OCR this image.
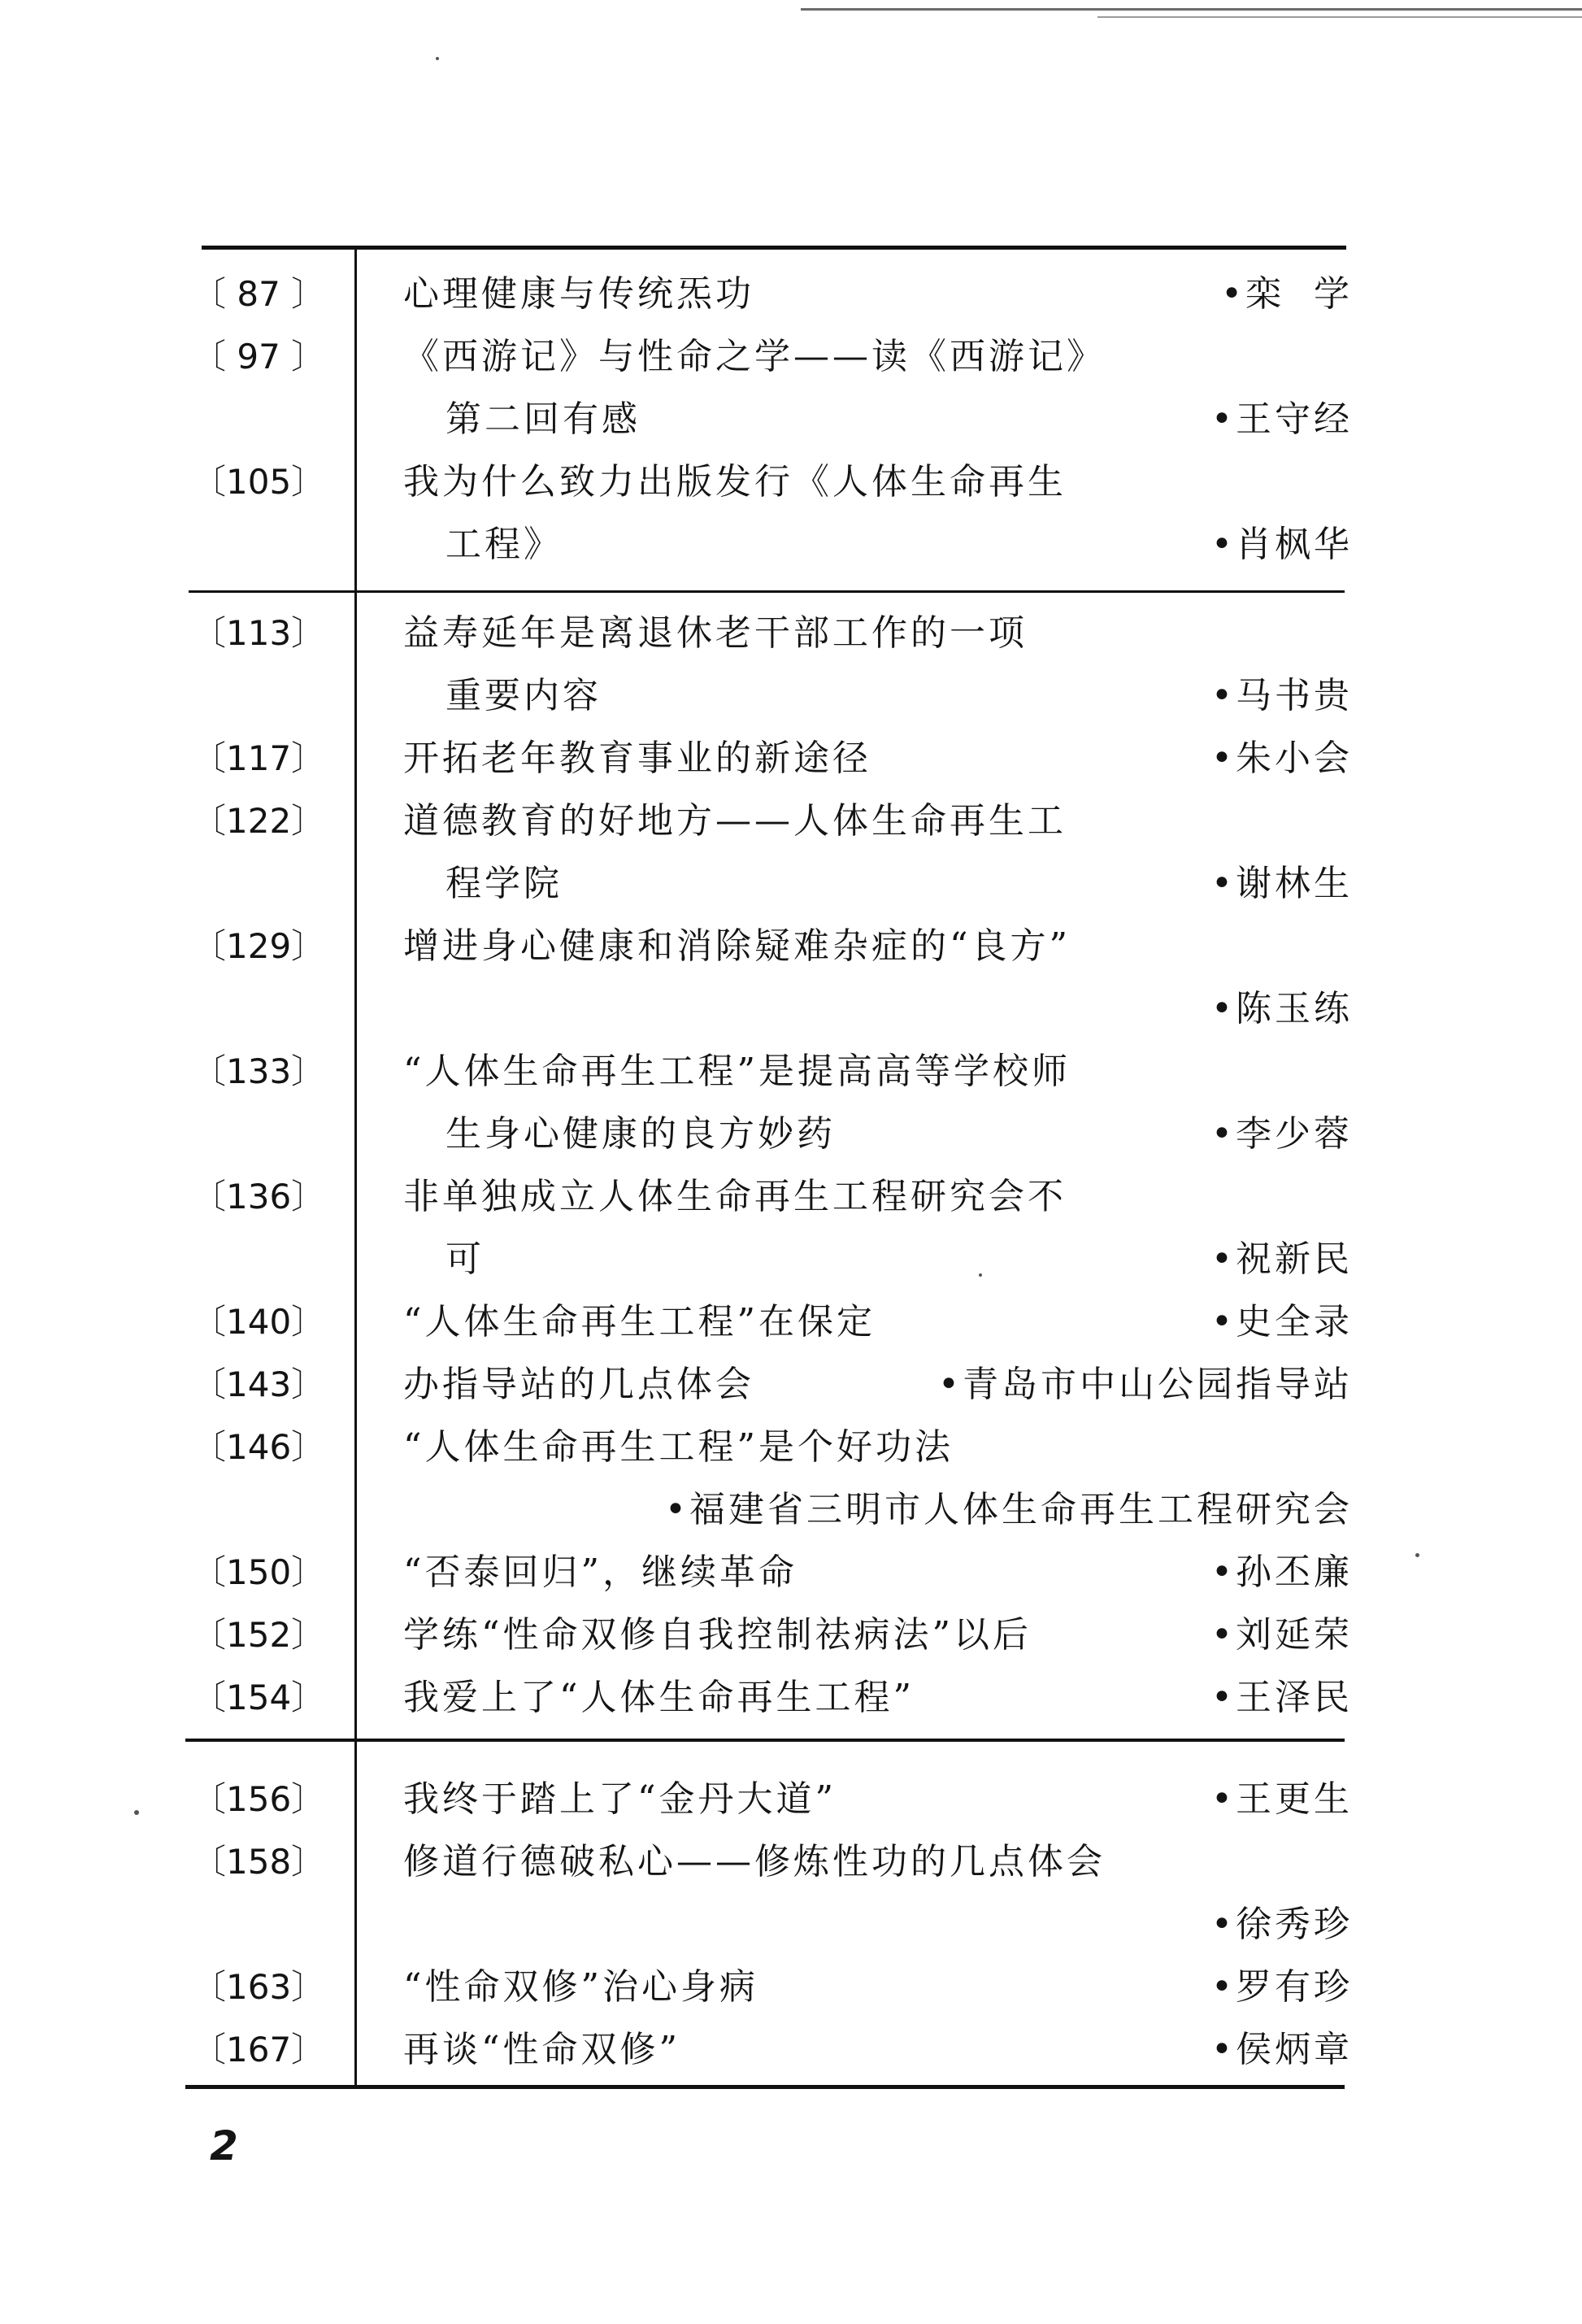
〔 87 〕	心理健康与传统炁功	•栾  学
〔 97 〕	《西游记》与性命之学——读《西游记》
第二回有感	•王守经
〔105〕	我为什么致力出版发行《人体生命再生
工程》	•肖枫华
〔113〕	益寿延年是离退休老干部工作的一项
重要内容	•马书贵
〔117〕	开拓老年教育事业的新途径	•朱小会
〔122〕	道德教育的好地方——人体生命再生工
程学院	•谢林生
〔129〕	增进身心健康和消除疑难杂症的“良方”
•陈玉练
〔133〕	“人体生命再生工程”是提高高等学校师
生身心健康的良方妙药	•李少蓉
〔136〕	非单独成立人体生命再生工程研究会不
可	•祝新民
〔140〕	“人体生命再生工程”在保定	•史全录
〔143〕	办指导站的几点体会	•青岛市中山公园指导站
〔146〕	“人体生命再生工程”是个好功法
•福建省三明市人体生命再生工程研究会
〔150〕	“否泰回归”，继续革命	•孙丕廉
〔152〕	学练“性命双修自我控制祛病法”以后	•刘延荣
〔154〕	我爱上了“人体生命再生工程”	•王泽民
〔156〕	我终于踏上了“金丹大道”	•王更生
〔158〕	修道行德破私心——修炼性功的几点体会
•徐秀珍
〔163〕	“性命双修”治心身病	•罗有珍
〔167〕	再谈“性命双修”	•侯炳章
2
